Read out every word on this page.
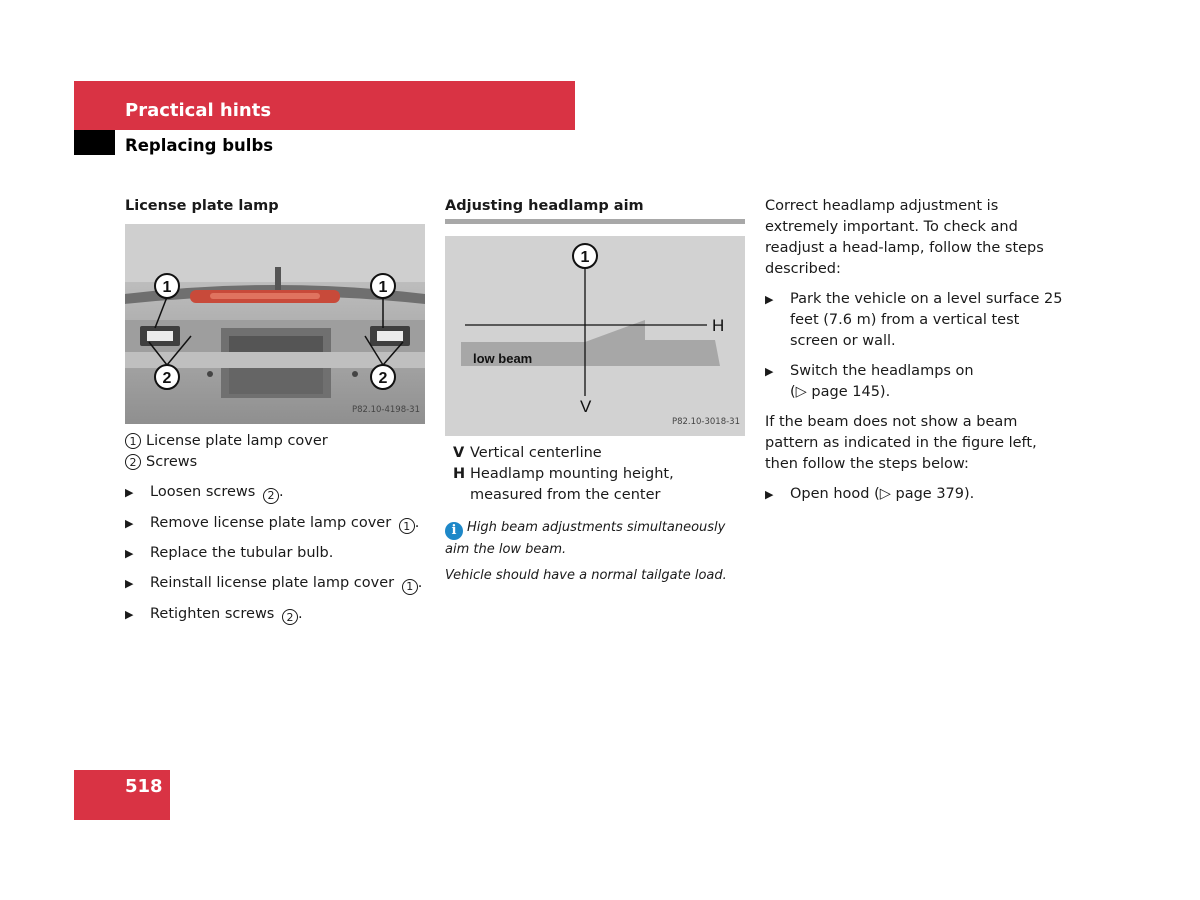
Practical hints
Replacing bulbs
License plate lamp
1	1
2	2
P82.10-4198-31
1 License plate lamp cover
2 Screws
▶	Loosen screws 2 .
▶	Remove license plate lamp cover 1 .
▶	Replace the tubular bulb.
▶	Reinstall license plate lamp cover 1 .
▶	Retighten screws 2 .
Adjusting headlamp aim
1
H
V
low beam
P82.10-3018-31
V Vertical centerline
H Headlamp mounting height, measured from the center
i High beam adjustments simultaneously aim the low beam.
Vehicle should have a normal tailgate load.
Correct headlamp adjustment is extremely important. To check and readjust a head-lamp, follow the steps described:
▶	Park the vehicle on a level surface 25 feet (7.6 m) from a vertical test screen or wall.
▶	Switch the headlamps on
(▷ page 145).
If the beam does not show a beam pattern as indicated in the figure left, then follow the steps below:
▶	Open hood (▷ page 379).
518
